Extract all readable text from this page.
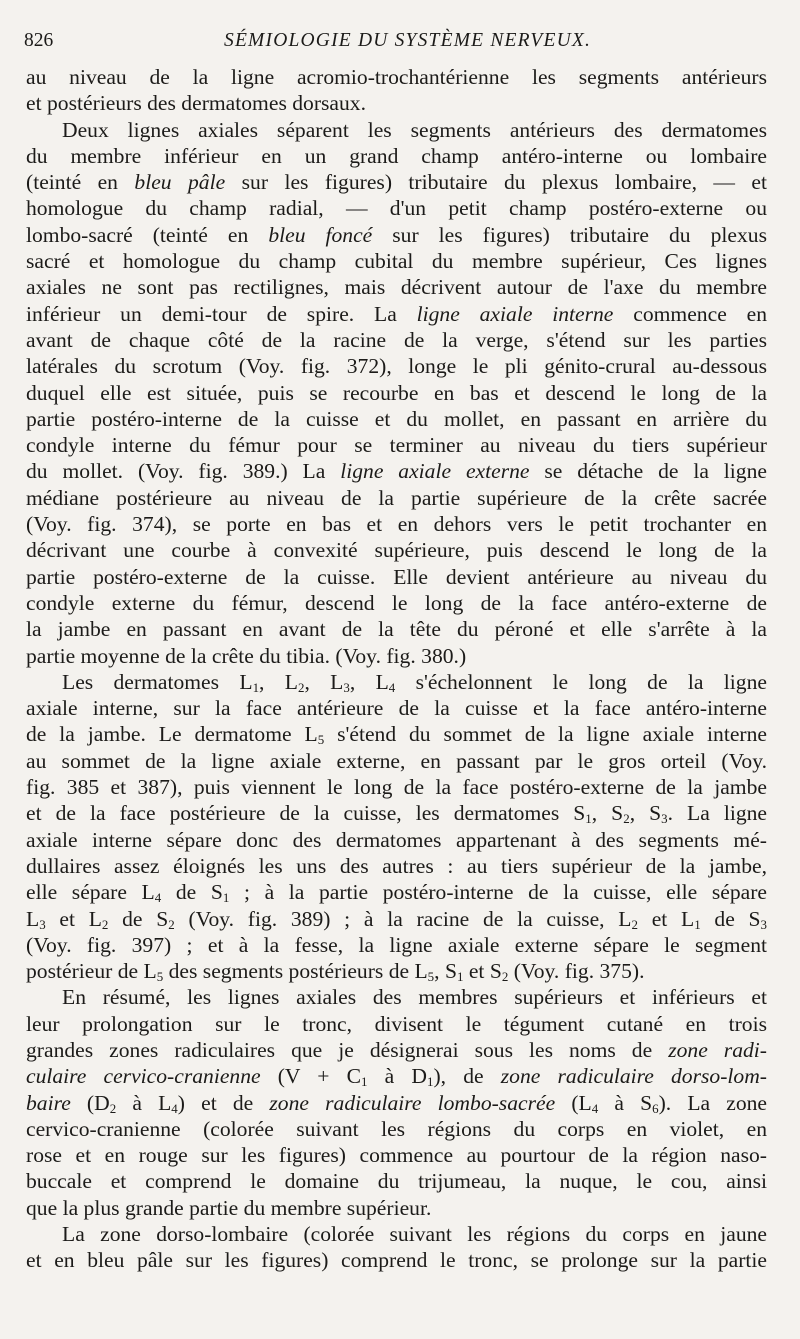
826	SÉMIOLOGIE DU SYSTÈME NERVEUX.
au niveau de la ligne acromio-trochantérienne les segments antérieurs
et postérieurs des dermatomes dorsaux.
Deux lignes axiales séparent les segments antérieurs des dermatomes
du membre inférieur en un grand champ antéro-interne ou lombaire
(teinté en bleu pâle sur les figures) tributaire du plexus lombaire, — et
homologue du champ radial, — d'un petit champ postéro-externe ou
lombo-sacré (teinté en bleu foncé sur les figures) tributaire du plexus
sacré et homologue du champ cubital du membre supérieur, Ces lignes
axiales ne sont pas rectilignes, mais décrivent autour de l'axe du membre
inférieur un demi-tour de spire. La ligne axiale interne commence en
avant de chaque côté de la racine de la verge, s'étend sur les parties
latérales du scrotum (Voy. fig. 372), longe le pli génito-crural au-dessous
duquel elle est située, puis se recourbe en bas et descend le long de la
partie postéro-interne de la cuisse et du mollet, en passant en arrière du
condyle interne du fémur pour se terminer au niveau du tiers supérieur
du mollet. (Voy. fig. 389.) La ligne axiale externe se détache de la ligne
médiane postérieure au niveau de la partie supérieure de la crête sacrée
(Voy. fig. 374), se porte en bas et en dehors vers le petit trochanter en
décrivant une courbe à convexité supérieure, puis descend le long de la
partie postéro-externe de la cuisse. Elle devient antérieure au niveau du
condyle externe du fémur, descend le long de la face antéro-externe de
la jambe en passant en avant de la tête du péroné et elle s'arrête à la
partie moyenne de la crête du tibia. (Voy. fig. 380.)
Les dermatomes $L_1$, $L_2$, $L_3$, $L_4$ s'échelonnent le long de la ligne
axiale interne, sur la face antérieure de la cuisse et la face antéro-interne
de la jambe. Le dermatome $L_5$ s'étend du sommet de la ligne axiale interne
au sommet de la ligne axiale externe, en passant par le gros orteil (Voy.
fig. 385 et 387), puis viennent le long de la face postéro-externe de la jambe
et de la face postérieure de la cuisse, les dermatomes $S_1$, $S_2$, $S_3$. La ligne
axiale interne sépare donc des dermatomes appartenant à des segments mé-
dullaires assez éloignés les uns des autres : au tiers supérieur de la jambe,
elle sépare $L_4$ de $S_1$ ; à la partie postéro-interne de la cuisse, elle sépare
$L_3$ et $L_2$ de $S_2$ (Voy. fig. 389) ; à la racine de la cuisse, $L_2$ et $L_1$ de $S_3$
(Voy. fig. 397) ; et à la fesse, la ligne axiale externe sépare le segment
postérieur de $L_5$ des segments postérieurs de $L_5$, $S_1$ et $S_2$ (Voy. fig. 375).
En résumé, les lignes axiales des membres supérieurs et inférieurs et
leur prolongation sur le tronc, divisent le tégument cutané en trois
grandes zones radiculaires que je désignerai sous les noms de zone radi-
culaire cervico-cranienne ($V + C_1$ à $D_1$), de zone radiculaire dorso-lom-
baire ($D_2$ à $L_4$) et de zone radiculaire lombo-sacrée ($L_4$ à $S_6$). La zone
cervico-cranienne (colorée suivant les régions du corps en violet, en
rose et en rouge sur les figures) commence au pourtour de la région naso-
buccale et comprend le domaine du trijumeau, la nuque, le cou, ainsi
que la plus grande partie du membre supérieur.
La zone dorso-lombaire (colorée suivant les régions du corps en jaune
et en bleu pâle sur les figures) comprend le tronc, se prolonge sur la partie
